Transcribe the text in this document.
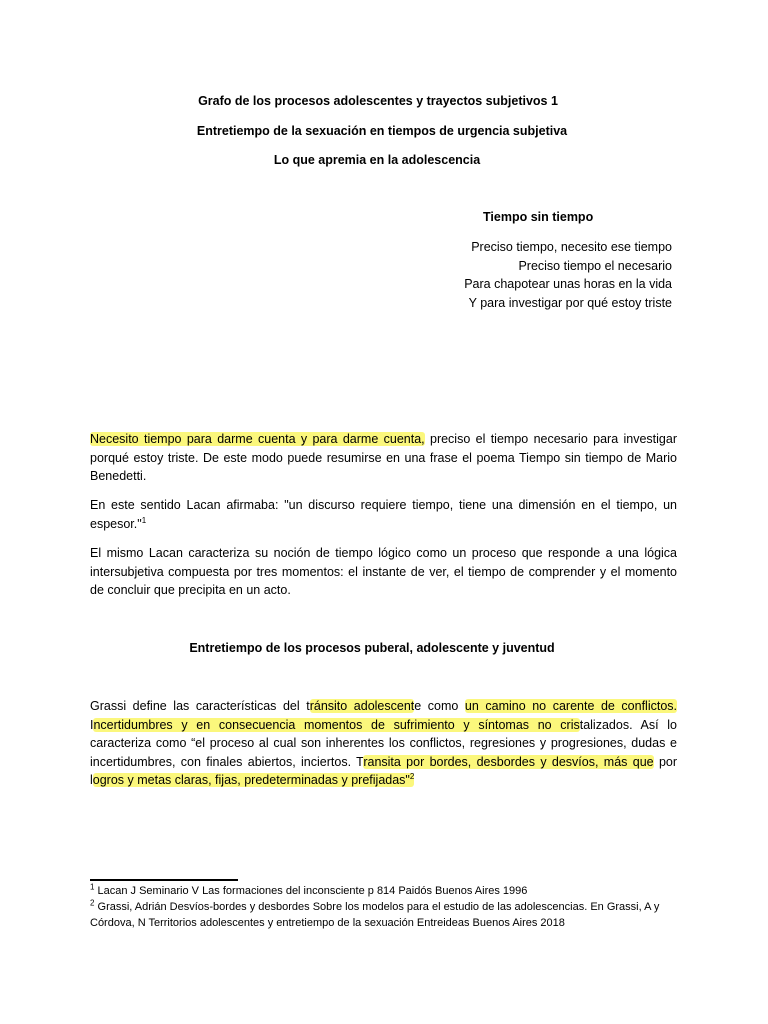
Grafo de los procesos adolescentes y trayectos subjetivos 1
Entretiempo de la sexuación en tiempos de urgencia subjetiva
Lo que apremia en la adolescencia
Tiempo sin tiempo
Preciso tiempo, necesito ese tiempo
Preciso tiempo el necesario
Para chapotear unas horas en la vida
Y para investigar por qué estoy triste
Necesito tiempo para darme cuenta y para darme cuenta, preciso el tiempo necesario para investigar porqué estoy triste. De este modo puede resumirse en una frase el poema Tiempo sin tiempo de Mario Benedetti.
En este sentido Lacan afirmaba: "un discurso requiere tiempo, tiene una dimensión en el tiempo, un espesor."$^1$
El mismo Lacan caracteriza su noción de tiempo lógico como un proceso que responde a una lógica intersubjetiva compuesta por tres momentos: el instante de ver, el tiempo de comprender y el momento de concluir que precipita en un acto.
Entretiempo de los procesos puberal, adolescente y juventud
Grassi define las características del tránsito adolescente como un camino no carente de conflictos. Incertidumbres y en consecuencia momentos de sufrimiento y síntomas no cristalizados. Así lo caracteriza como “el proceso al cual son inherentes los conflictos, regresiones y progresiones, dudas e incertidumbres, con finales abiertos, inciertos. Transita por bordes, desbordes y desvíos, más que por logros y metas claras, fijas, predeterminadas y prefijadas"$^2$
$^1$ Lacan J Seminario V Las formaciones del inconsciente p 814 Paidós Buenos Aires 1996
$^2$ Grassi, Adrián Desvíos-bordes y desbordes Sobre los modelos para el estudio de las adolescencias. En Grassi, A y Córdova, N Territorios adolescentes y entretiempo de la sexuación Entreideas Buenos Aires 2018
